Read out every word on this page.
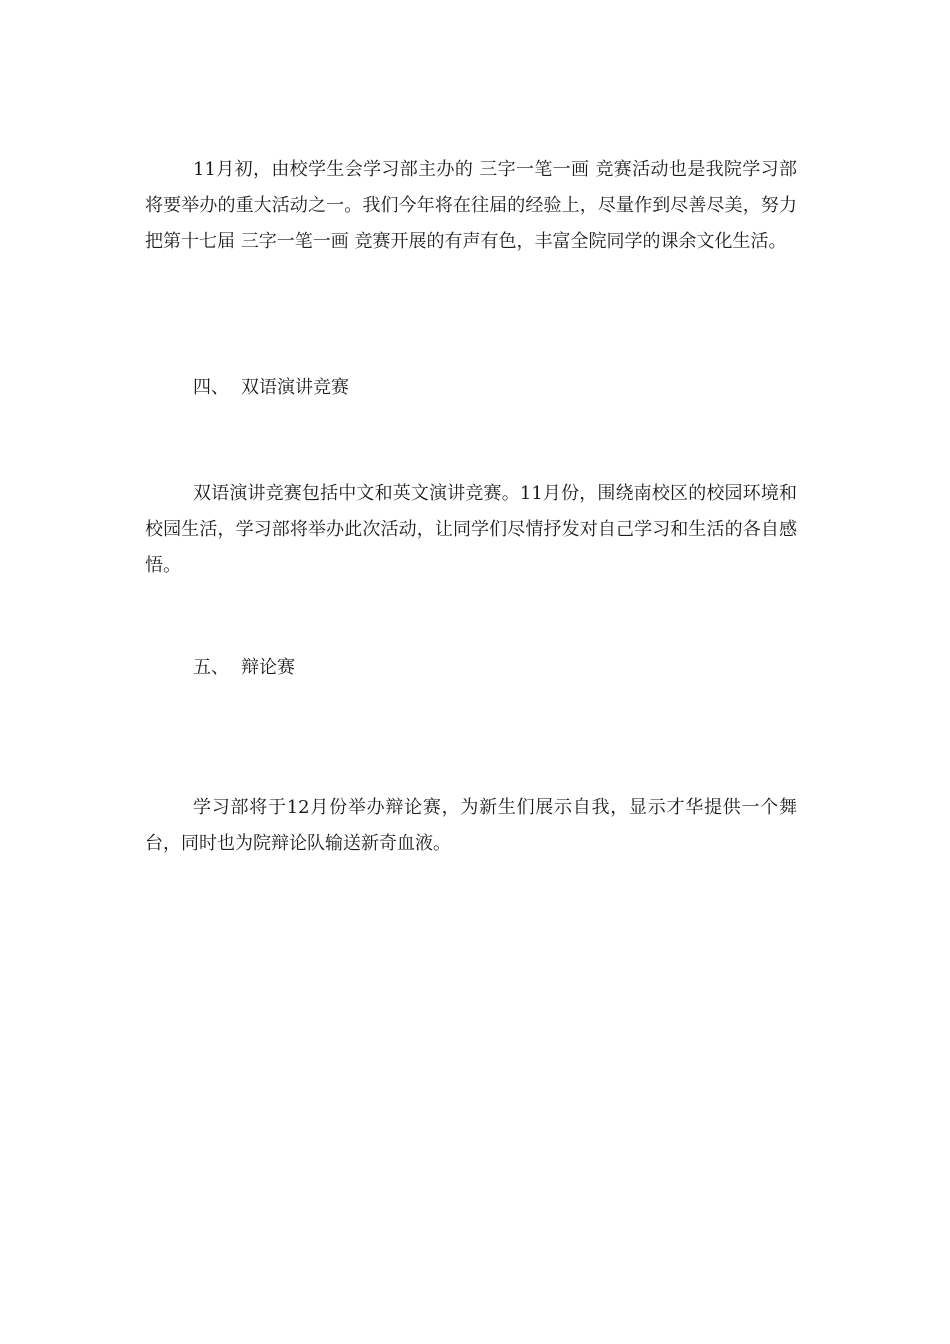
11月初，由校学生会学习部主办的 三字一笔一画 竞赛活动也是我院学习部将要举办的重大活动之一。我们今年将在往届的经验上，尽量作到尽善尽美，努力把第十七届 三字一笔一画 竞赛开展的有声有色，丰富全院同学的课余文化生活。

四、 双语演讲竞赛

双语演讲竞赛包括中文和英文演讲竞赛。11月份，围绕南校区的校园环境和校园生活，学习部将举办此次活动，让同学们尽情抒发对自己学习和生活的各自感悟。

五、 辩论赛

学习部将于12月份举办辩论赛，为新生们展示自我，显示才华提供一个舞台，同时也为院辩论队输送新奇血液。
